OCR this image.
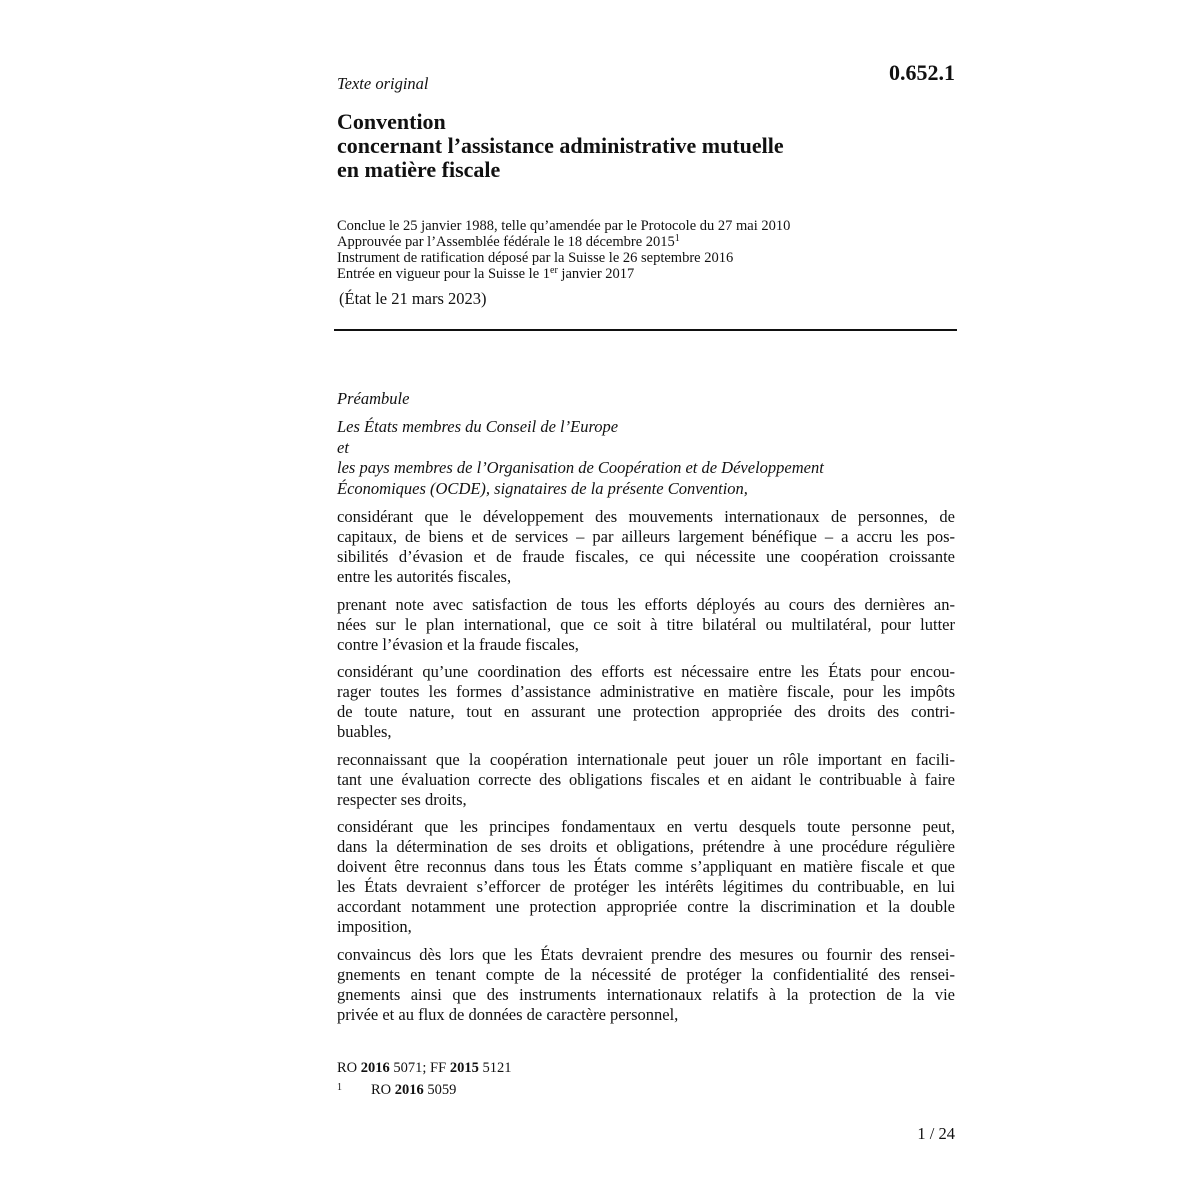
Texte original	0.652.1
Convention
concernant l’assistance administrative mutuelle
en matière fiscale
Conclue le 25 janvier 1988, telle qu’amendée par le Protocole du 27 mai 2010
Approuvée par l’Assemblée fédérale le 18 décembre 2015$^1$
Instrument de ratification déposé par la Suisse le 26 septembre 2016
Entrée en vigueur pour la Suisse le 1er janvier 2017
(État le 21 mars 2023)
Préambule
Les États membres du Conseil de l’Europe
et
les pays membres de l’Organisation de Coopération et de Développement
Économiques (OCDE), signataires de la présente Convention,
considérant que le développement des mouvements internationaux de personnes, de
capitaux, de biens et de services – par ailleurs largement bénéfique – a accru les pos-
sibilités d’évasion et de fraude fiscales, ce qui nécessite une coopération croissante
entre les autorités fiscales,
prenant note avec satisfaction de tous les efforts déployés au cours des dernières an-
nées sur le plan international, que ce soit à titre bilatéral ou multilatéral, pour lutter
contre l’évasion et la fraude fiscales,
considérant qu’une coordination des efforts est nécessaire entre les États pour encou-
rager toutes les formes d’assistance administrative en matière fiscale, pour les impôts
de toute nature, tout en assurant une protection appropriée des droits des contri-
buables,
reconnaissant que la coopération internationale peut jouer un rôle important en facili-
tant une évaluation correcte des obligations fiscales et en aidant le contribuable à faire
respecter ses droits,
considérant que les principes fondamentaux en vertu desquels toute personne peut,
dans la détermination de ses droits et obligations, prétendre à une procédure régulière
doivent être reconnus dans tous les États comme s’appliquant en matière fiscale et que
les États devraient s’efforcer de protéger les intérêts légitimes du contribuable, en lui
accordant notamment une protection appropriée contre la discrimination et la double
imposition,
convaincus dès lors que les États devraient prendre des mesures ou fournir des rensei-
gnements en tenant compte de la nécessité de protéger la confidentialité des rensei-
gnements ainsi que des instruments internationaux relatifs à la protection de la vie
privée et au flux de données de caractère personnel,
RO 2016 5071; FF 2015 5121
1 RO 2016 5059
1 / 24
